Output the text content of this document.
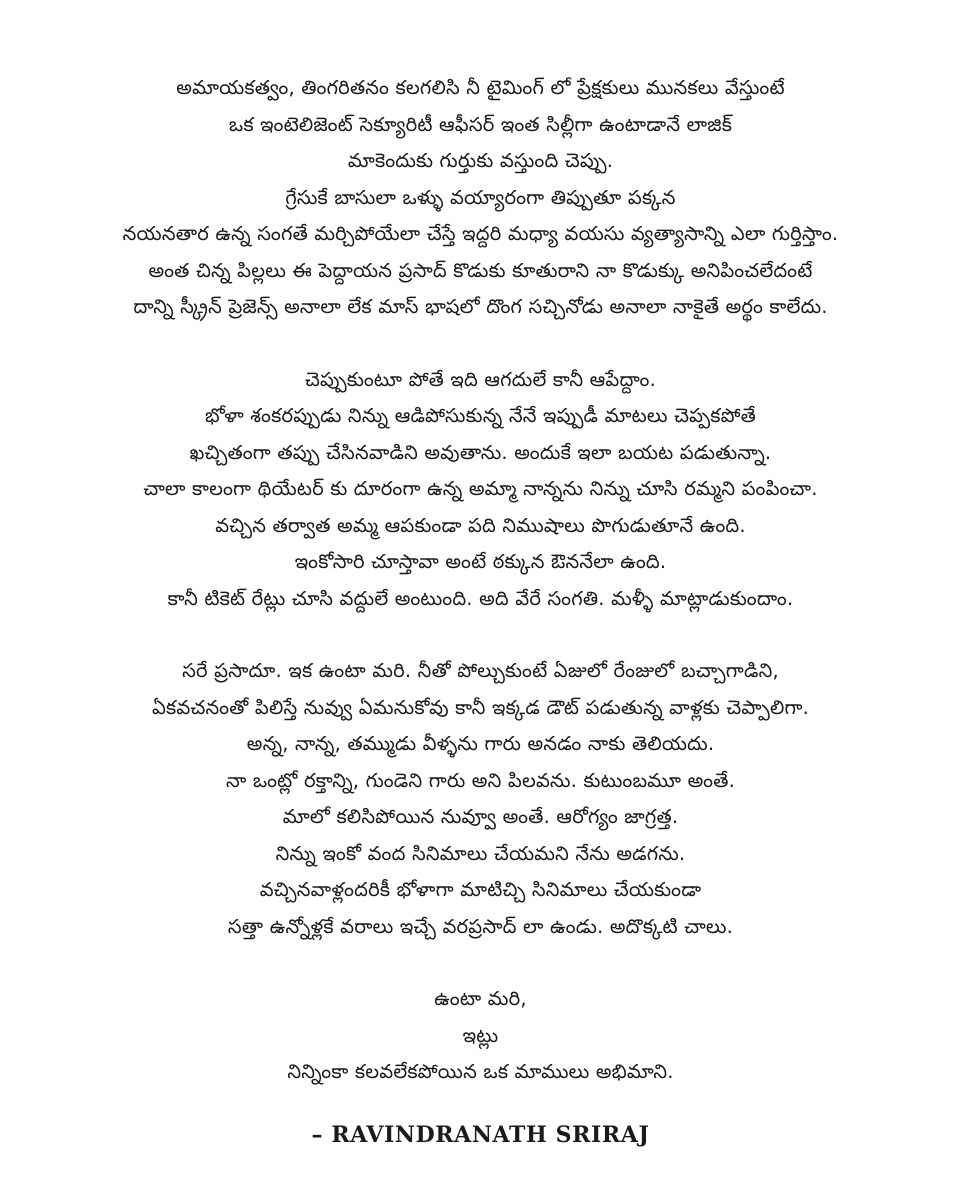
అమాయకత్వం, తింగరితనం కలగలిసి నీ టైమింగ్ లో ప్రేక్షకులు మునకలు వేస్తుంటే
ఒక ఇంటెలిజెంట్ సెక్యూరిటీ ఆఫీసర్ ఇంత సిల్లీగా ఉంటాడానే లాజిక్
మాకెందుకు గుర్తుకు వస్తుంది చెప్పు.
గ్రేసుకే బాసులా ఒళ్ళు వయ్యారంగా తిప్పుతూ పక్కన
నయనతార ఉన్న సంగతే మర్చిపోయేలా చేస్తే ఇద్దరి మధ్యా వయసు వ్యత్యాసాన్ని ఎలా గుర్తిస్తాం.
అంత చిన్న పిల్లలు ఈ పెద్దాయన ప్రసాద్ కొడుకు కూతురాని నా కొడుక్కు అనిపించలేదంటే
దాన్ని స్క్రీన్ ప్రెజెన్స్ అనాలా లేక మాస్ భాషలో దొంగ సచ్చినోడు అనాలా నాకైతే అర్థం కాలేదు.
చెప్పుకుంటూ పోతే ఇది ఆగదులే కానీ ఆపేద్దాం.
భోళా శంకరప్పుడు నిన్ను ఆడిపోసుకున్న నేనే ఇప్పుడీ మాటలు చెప్పకపోతే
ఖచ్చితంగా తప్పు చేసినవాడిని అవుతాను. అందుకే ఇలా బయట పడుతున్నా.
చాలా కాలంగా థియేటర్ కు దూరంగా ఉన్న అమ్మా నాన్నను నిన్ను చూసి రమ్మని పంపించా.
వచ్చిన తర్వాత అమ్మ ఆపకుండా పది నిముషాలు పొగుడుతూనే ఉంది.
ఇంకోసారి చూస్తావా అంటే ఠక్కున ఔననేలా ఉంది.
కానీ టికెట్ రేట్లు చూసి వద్దులే అంటుంది. అది వేరే సంగతి. మళ్ళీ మాట్లాడుకుందాం.
సరే ప్రసాదూ. ఇక ఉంటా మరి. నీతో పోల్చుకుంటే ఏజులో రేంజులో బచ్చాగాడిని,
ఏకవచనంతో పిలిస్తే నువ్వు ఏమనుకోవు కానీ ఇక్కడ డౌట్ పడుతున్న వాళ్లకు చెప్పాలిగా.
అన్న, నాన్న, తమ్ముడు వీళ్ళను గారు అనడం నాకు తెలియదు.
నా ఒంట్లో రక్తాన్ని, గుండెని గారు అని పిలవను. కుటుంబమూ అంతే.
మాలో కలిసిపోయిన నువ్వూ అంతే. ఆరోగ్యం జాగ్రత్త.
నిన్ను ఇంకో వంద సినిమాలు చేయమని నేను అడగను.
వచ్చినవాళ్లందరికీ భోళాగా మాటిచ్చి సినిమాలు చేయకుండా
సత్తా ఉన్నోళ్లకే వరాలు ఇచ్చే వరప్రసాద్ లా ఉండు. అదొక్కటి చాలు.
ఉంటా మరి,
ఇట్లు
నిన్నింకా కలవలేకపోయిన ఒక మాములు అభిమాని.
– RAVINDRANATH SRIRAJ
